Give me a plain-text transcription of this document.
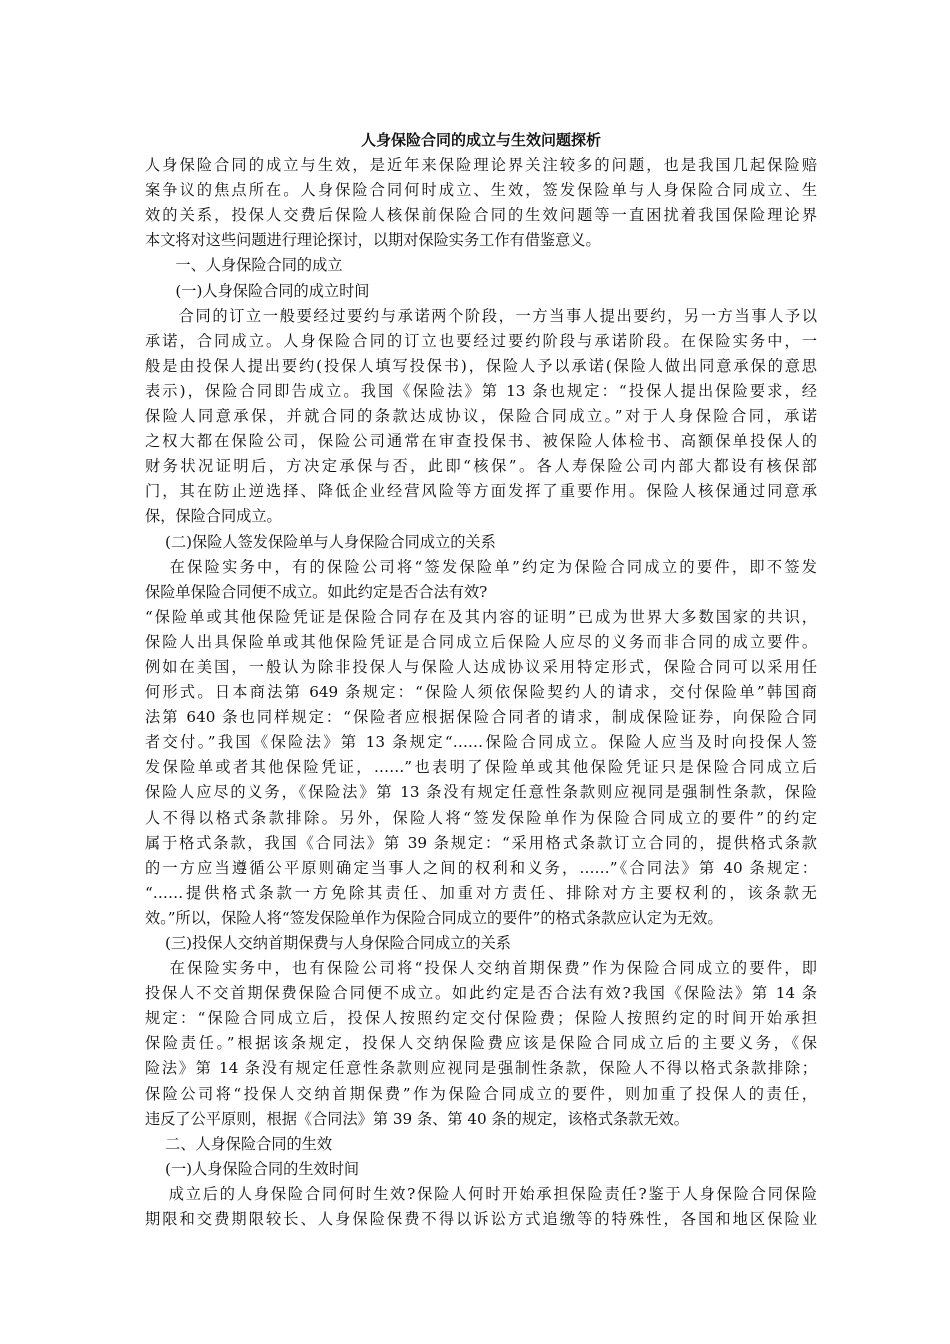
人身保险合同的成立与生效问题探析

人身保险合同的成立与生效，是近年来保险理论界关注较多的问题，也是我国几起保险赔

案争议的焦点所在。人身保险合同何时成立、生效，签发保险单与人身保险合同成立、生

效的关系，投保人交费后保险人核保前保险合同的生效问题等一直困扰着我国保险理论界

本文将对这些问题进行理论探讨，以期对保险实务工作有借鉴意义。

　　一、人身保险合同的成立

　　(一)人身保险合同的成立时间

　　合同的订立一般要经过要约与承诺两个阶段，一方当事人提出要约，另一方当事人予以

承诺，合同成立。人身保险合同的订立也要经过要约阶段与承诺阶段。在保险实务中，一

般是由投保人提出要约(投保人填写投保书)，保险人予以承诺(保险人做出同意承保的意思

表示)，保险合同即告成立。我国《保险法》第 13 条也规定：“投保人提出保险要求，经

保险人同意承保，并就合同的条款达成协议，保险合同成立。”对于人身保险合同，承诺

之权大都在保险公司，保险公司通常在审查投保书、被保险人体检书、高额保单投保人的

财务状况证明后，方决定承保与否，此即“核保”。各人寿保险公司内部大都设有核保部

门，其在防止逆选择、降低企业经营风险等方面发挥了重要作用。保险人核保通过同意承

保，保险合同成立。

　 (二)保险人签发保险单与人身保险合同成立的关系

　 在保险实务中，有的保险公司将“签发保险单”约定为保险合同成立的要件，即不签发

保险单保险合同便不成立。如此约定是否合法有效?

“保险单或其他保险凭证是保险合同存在及其内容的证明”已成为世界大多数国家的共识，

保险人出具保险单或其他保险凭证是合同成立后保险人应尽的义务而非合同的成立要件。

例如在美国，一般认为除非投保人与保险人达成协议采用特定形式，保险合同可以采用任

何形式。日本商法第 649 条规定：“保险人须依保险契约人的请求，交付保险单”韩国商

法第 640 条也同样规定：“保险者应根据保险合同者的请求，制成保险证券，向保险合同

者交付。”我国《保险法》第 13 条规定“……保险合同成立。保险人应当及时向投保人签

发保险单或者其他保险凭证，……”也表明了保险单或其他保险凭证只是保险合同成立后

保险人应尽的义务，《保险法》第 13 条没有规定任意性条款则应视同是强制性条款，保险

人不得以格式条款排除。另外，保险人将“签发保险单作为保险合同成立的要件”的约定

属于格式条款，我国《合同法》第 39 条规定：“采用格式条款订立合同的，提供格式条款

的一方应当遵循公平原则确定当事人之间的权利和义务，……”《合同法》第 40 条规定：

“……提供格式条款一方免除其责任、加重对方责任、排除对方主要权利的，该条款无

效。”所以，保险人将“签发保险单作为保险合同成立的要件”的格式条款应认定为无效。

　 (三)投保人交纳首期保费与人身保险合同成立的关系

　 在保险实务中，也有保险公司将“投保人交纳首期保费”作为保险合同成立的要件，即

投保人不交首期保费保险合同便不成立。如此约定是否合法有效?我国《保险法》第 14 条

规定：“保险合同成立后，投保人按照约定交付保险费；保险人按照约定的时间开始承担

保险责任。”根据该条规定，投保人交纳保险费应该是保险合同成立后的主要义务，《保

险法》第 14 条没有规定任意性条款则应视同是强制性条款，保险人不得以格式条款排除；

保险公司将“投保人交纳首期保费”作为保险合同成立的要件，则加重了投保人的责任，

违反了公平原则，根据《合同法》第 39 条、第 40 条的规定，该格式条款无效。

　 二、人身保险合同的生效

　 (一)人身保险合同的生效时间

　 成立后的人身保险合同何时生效?保险人何时开始承担保险责任?鉴于人身保险合同保险

期限和交费期限较长、人身保险保费不得以诉讼方式追缴等的特殊性，各国和地区保险业
